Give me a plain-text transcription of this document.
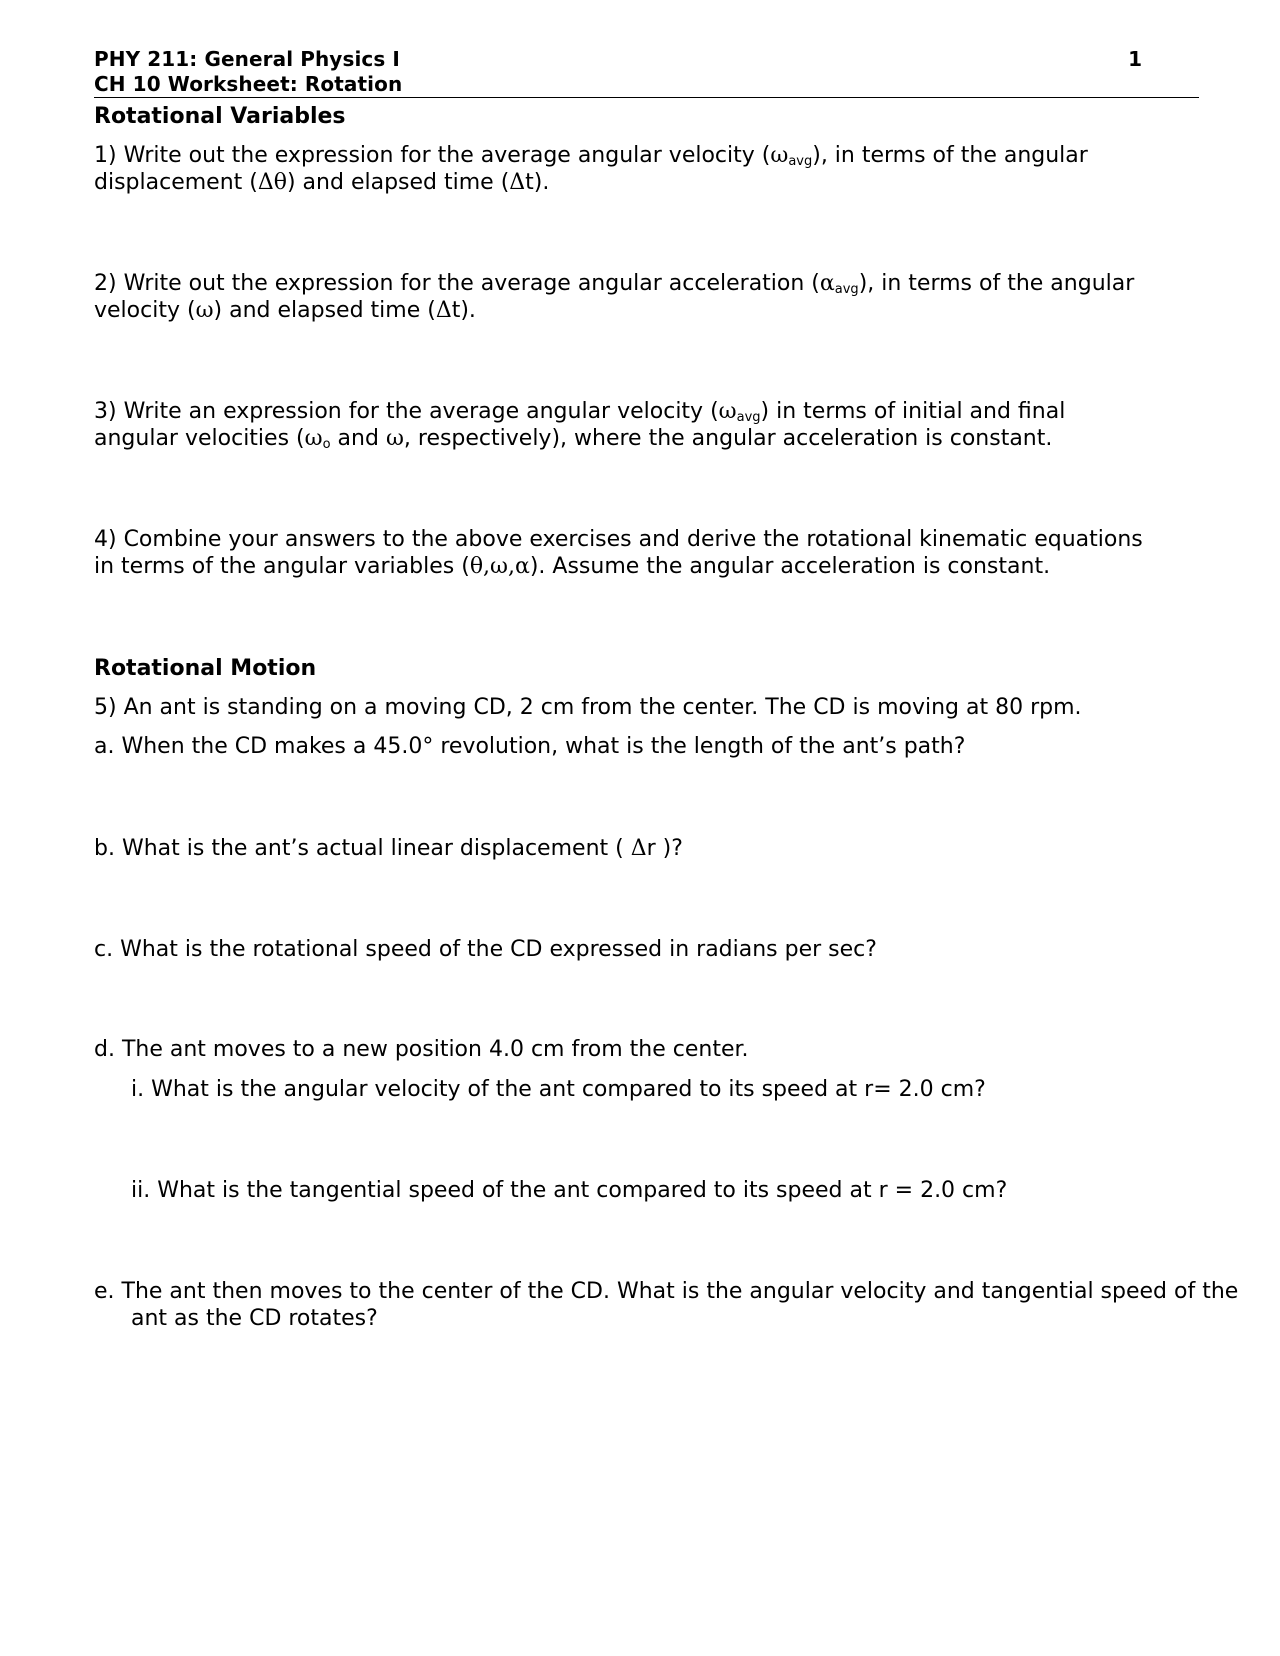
PHY 211: General Physics I
CH 10 Worksheet: Rotation
1
Rotational Variables
1) Write out the expression for the average angular velocity $(\omega_{avg})$, in terms of the angular
displacement (Δθ) and elapsed time (Δt).
2) Write out the expression for the average angular acceleration $(\alpha_{avg})$, in terms of the angular
velocity (ω) and elapsed time (Δt).
3) Write an expression for the average angular velocity $(\omega_{avg})$ in terms of initial and final
angular velocities ($\omega_o$ and ω, respectively), where the angular acceleration is constant.
4) Combine your answers to the above exercises and derive the rotational kinematic equations
in terms of the angular variables (θ,ω,α). Assume the angular acceleration is constant.
Rotational Motion
5) An ant is standing on a moving CD, 2 cm from the center. The CD is moving at 80 rpm.
a. When the CD makes a 45.0° revolution, what is the length of the ant’s path?
b. What is the ant’s actual linear displacement ( Δr )?
c. What is the rotational speed of the CD expressed in radians per sec?
d. The ant moves to a new position 4.0 cm from the center.
i. What is the angular velocity of the ant compared to its speed at r= 2.0 cm?
ii. What is the tangential speed of the ant compared to its speed at r = 2.0 cm?
e. The ant then moves to the center of the CD. What is the angular velocity and tangential speed of the ant as the CD rotates?
